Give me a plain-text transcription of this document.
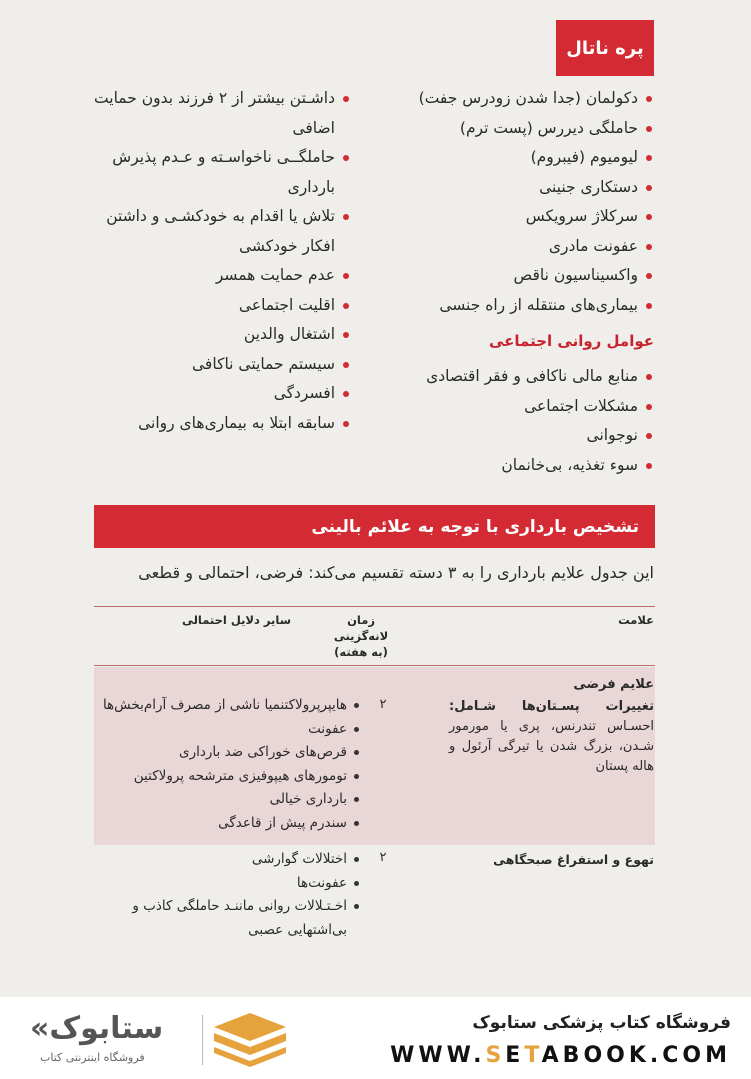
پره ناتال
دکولمان (جدا شدن زودرس جفت)
حاملگی دیررس (پست ترم)
لیومیوم (فیبروم)
دستکاری جنینی
سرکلاژ سرویکس
عفونت مادری
واکسیناسیون ناقص
بیماری‌های منتقله از راه جنسی
داشـتن بیشتر از ۲ فرزند بدون حمایت
اضافی
حاملگــی ناخواسـته و عـدم پذیرش
بارداری
تلاش یا اقدام به خودکشـی و داشتن
افکار خودکشی
عدم حمایت همسر
اقلیت اجتماعی
اشتغال والدین
سیستم حمایتی ناکافی
افسردگی
سابقه ابتلا به بیماری‌های روانی
عوامل روانی اجتماعی
منابع مالی ناکافی و فقر اقتصادی
مشکلات اجتماعی
نوجوانی
سوء تغذیه، بی‌خانمان
تشخیص بارداری با توجه به علائم بالینی
این جدول علایم بارداری را به ۳ دسته تقسیم می‌کند: فرضی، احتمالی و قطعی
علامت
زمان
لانه‌گزینی
(به هفته)
سایر دلایل احتمالی
علایم فرضی
تغییرات پسـتان‌ها شـامل: احسـاس تندرنس، پری یا مورمور شـدن، بزرگ شدن یا تیرگی آرئول و هاله پستان
۲
هایپرپرولاکتنمیا ناشی از مصرف آرام‌بخش‌ها
عفونت
قرص‌های خوراکی ضد بارداری
تومورهای هیپوفیزی مترشحه پرولاکتین
بارداری خیالی
سندرم پیش از قاعدگی
تهوع و استفراغ صبحگاهی
۲
اختلالات گوارشی
عفونت‌ها
اخـتـلالات روانی ماننـد حاملگی کاذب و
بی‌اشتهایی عصبی
«ستابوک
فروشگاه اینترنتی کتاب
فروشگاه کتاب پزشکی ستابوک
WWW.SETABOOK.COM
